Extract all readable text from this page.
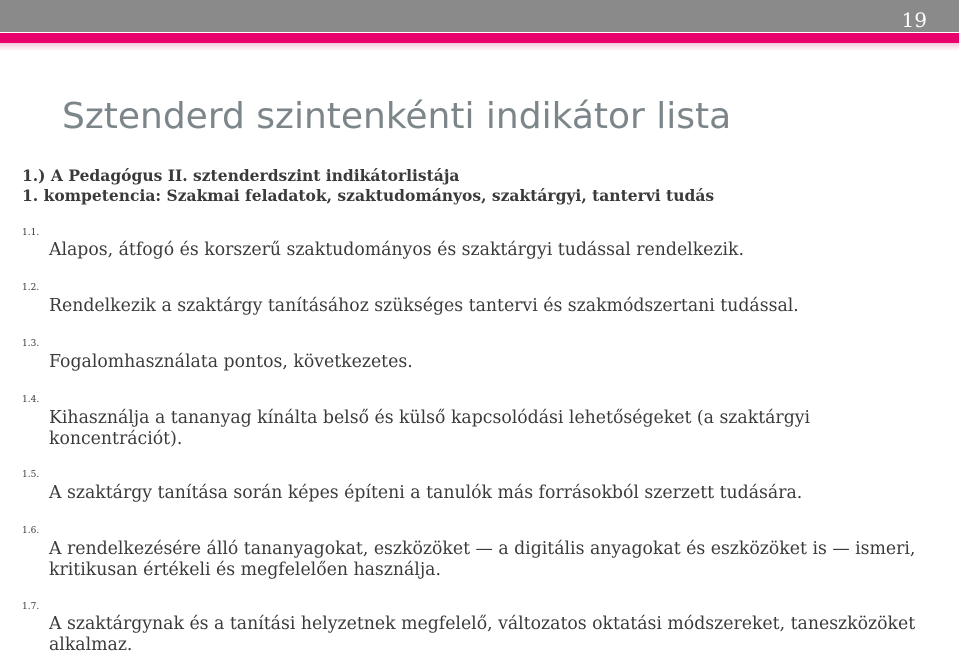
19
Sztenderd szintenkénti indikátor lista
1.) A Pedagógus II. sztenderdszint indikátorlistája
1. kompetencia: Szakmai feladatok, szaktudományos, szaktárgyi, tantervi tudás
1.1.
Alapos, átfogó és korszerű szaktudományos és szaktárgyi tudással rendelkezik.
1.2.
Rendelkezik a szaktárgy tanításához szükséges tantervi és szakmódszertani tudással.
1.3.
Fogalomhasználata pontos, következetes.
1.4.
Kihasználja a tananyag kínálta belső és külső kapcsolódási lehetőségeket (a szaktárgyi koncentrációt).
1.5.
A szaktárgy tanítása során képes építeni a tanulók más forrásokból szerzett tudására.
1.6.
A rendelkezésére álló tananyagokat, eszközöket — a digitális anyagokat és eszközöket is — ismeri, kritikusan értékeli és megfelelően használja.
1.7.
A szaktárgynak és a tanítási helyzetnek megfelelő, változatos oktatási módszereket, taneszközöket alkalmaz.
